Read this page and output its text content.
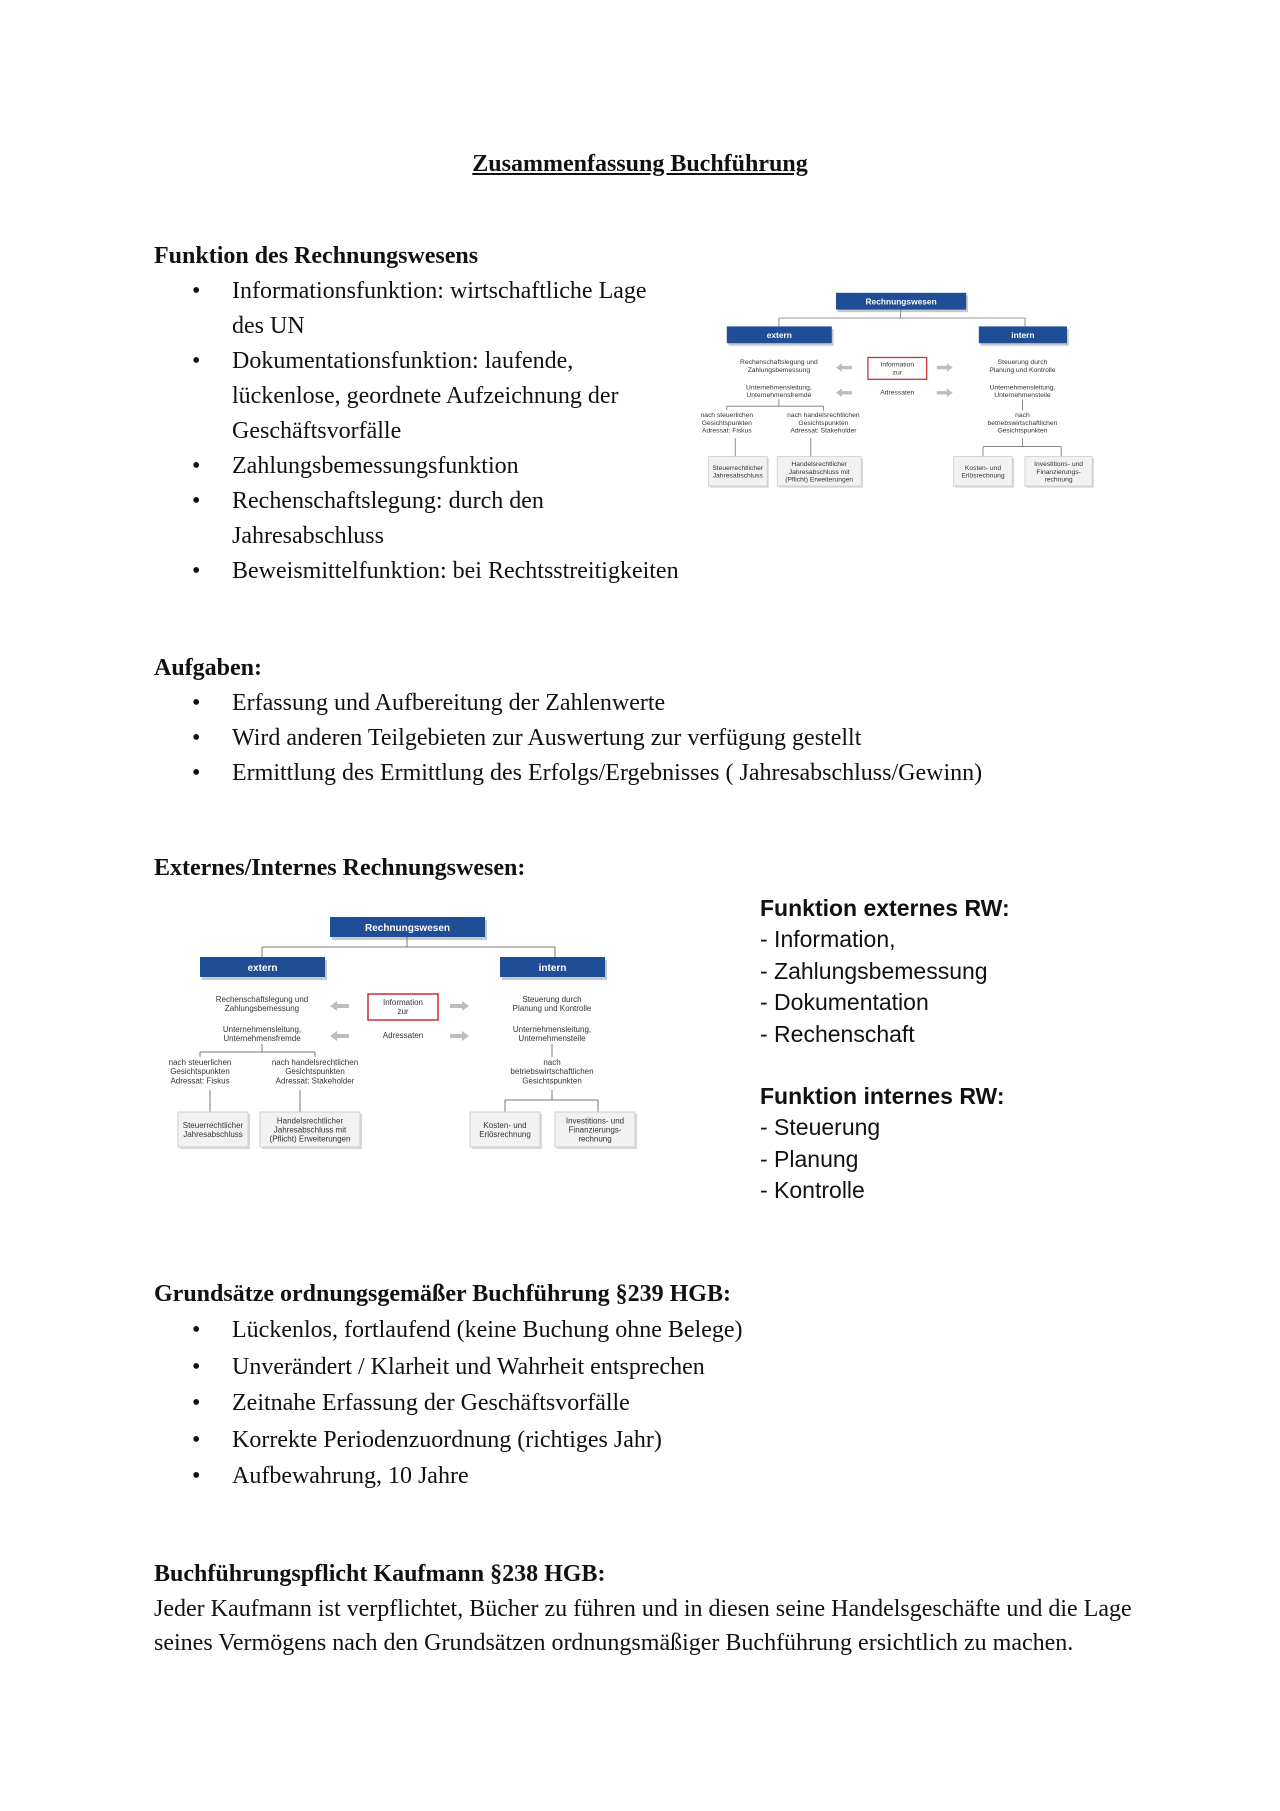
Zusammenfassung Buchführung
Funktion des Rechnungswesens
• Informationsfunktion: wirtschaftliche Lage
des UN
• Dokumentationsfunktion: laufende,
lückenlose, geordnete Aufzeichnung der
Geschäftsvorfälle
• Zahlungsbemessungsfunktion
• Rechenschaftslegung: durch den
Jahresabschluss
• Beweismittelfunktion: bei Rechtsstreitigkeiten
Rechnungswesen
extern	intern
Rechenschaftslegung und Zahlungsbemessung
Information zur
Steuerung durch Planung und Kontrolle
Unternehmensleitung, Unternehmensfremde	Adressaten
Unternehmensleitung, Unternehmensteile
nach steuerlichen Gesichtspunkten Adressat: Fiskus
nach handelsrechtlichen Gesichtspunkten Adressat: Stakeholder
nach betriebswirtschaftlichen Gesichtspunkten
Steuerrechtlicher Jahresabschluss
Handelsrechtlicher Jahresabschluss mit (Pflicht) Erweiterungen
Kosten- und Erlösrechnung
Investitions- und Finanzierungs-rechnung
Aufgaben:
• Erfassung und Aufbereitung der Zahlenwerte
• Wird anderen Teilgebieten zur Auswertung zur verfügung gestellt
• Ermittlung des Ermittlung des Erfolgs/Ergebnisses ( Jahresabschluss/Gewinn)
Externes/Internes Rechnungswesen:
Rechnungswesen
extern	intern
Rechenschaftslegung und Zahlungsbemessung
Information zur
Steuerung durch Planung und Kontrolle
Unternehmensleitung, Unternehmensfremde	Adressaten
Unternehmensleitung, Unternehmensteile
nach steuerlichen Gesichtspunkten Adressat: Fiskus
nach handelsrechtlichen Gesichtspunkten Adressat: Stakeholder
nach betriebswirtschaftlichen Gesichtspunkten
Steuerrechtlicher Jahresabschluss
Handelsrechtlicher Jahresabschluss mit (Pflicht) Erweiterungen
Kosten- und Erlösrechnung
Investitions- und Finanzierungs-rechnung
Funktion externes RW:
- Information,
- Zahlungsbemessung
- Dokumentation
- Rechenschaft
Funktion internes RW:
- Steuerung
- Planung
- Kontrolle
Grundsätze ordnungsgemäßer Buchführung §239 HGB:
• Lückenlos, fortlaufend (keine Buchung ohne Belege)
• Unverändert / Klarheit und Wahrheit entsprechen
• Zeitnahe Erfassung der Geschäftsvorfälle
• Korrekte Periodenzuordnung (richtiges Jahr)
• Aufbewahrung, 10 Jahre
Buchführungspflicht Kaufmann §238 HGB:

Jeder Kaufmann ist verpflichtet, Bücher zu führen und in diesen seine Handelsgeschäfte und die Lage seines Vermögens nach den Grundsätzen ordnungsmäßiger Buchführung ersichtlich zu machen.
